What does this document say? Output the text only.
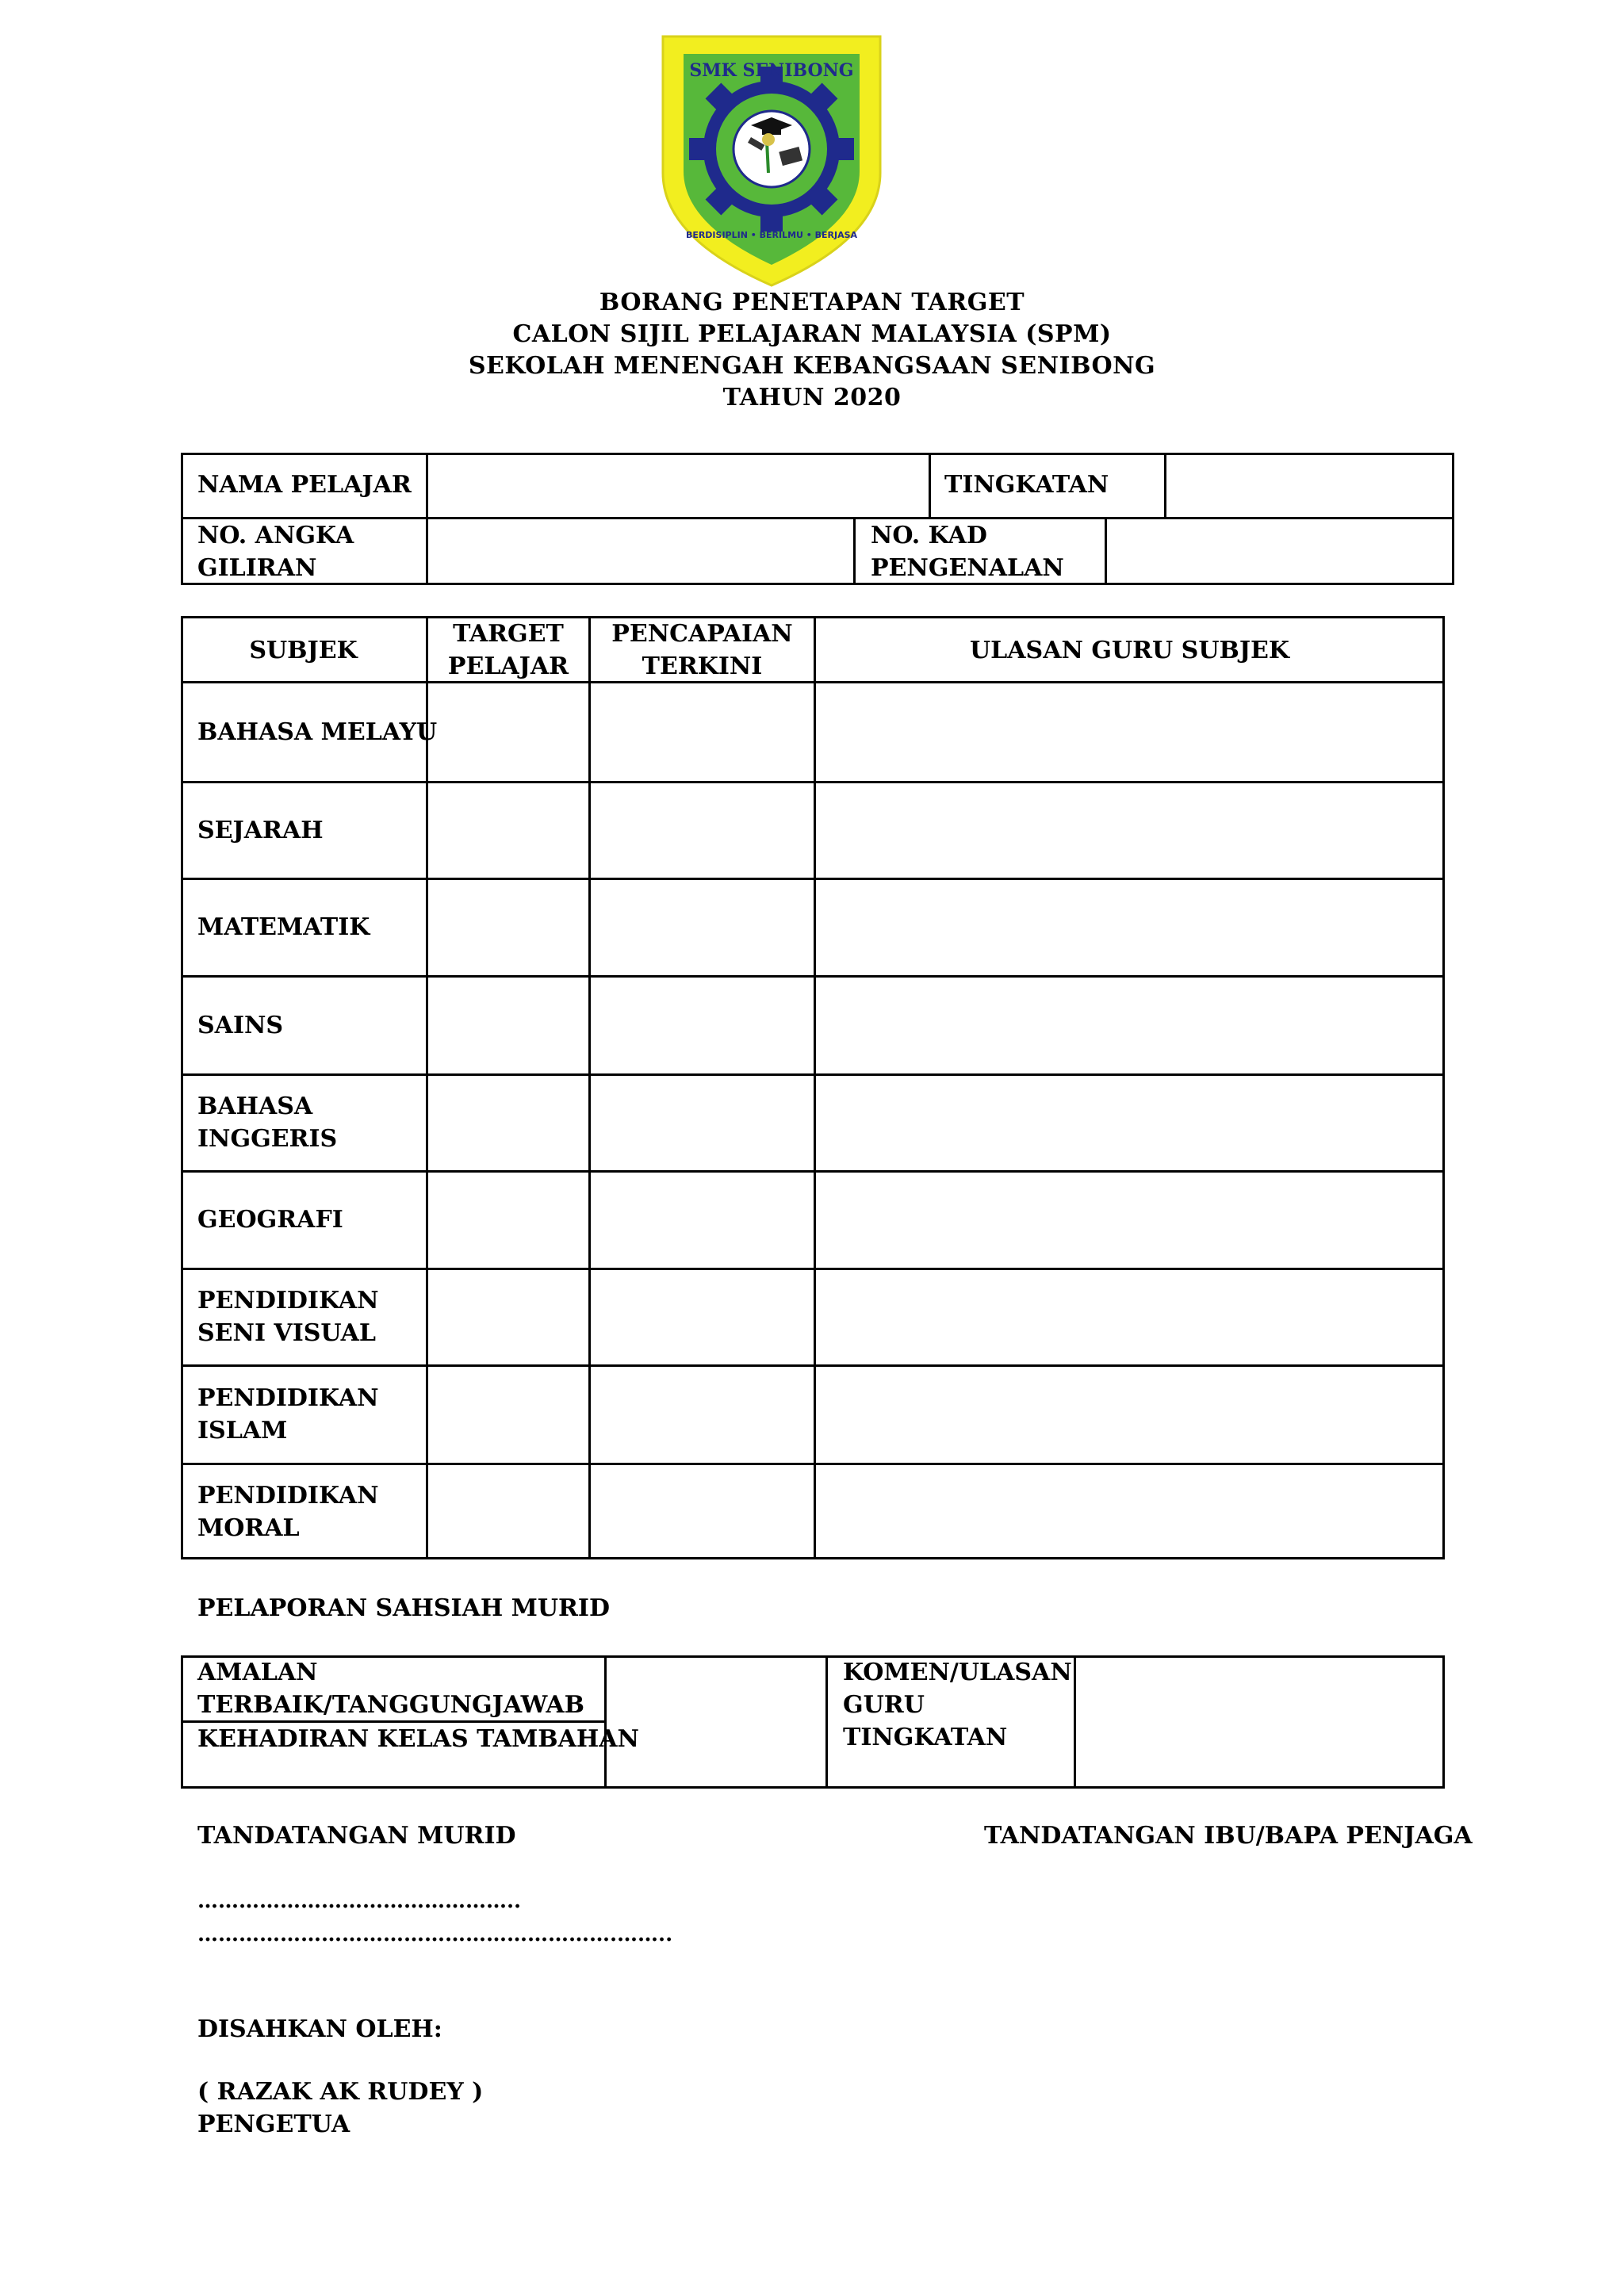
SMK SENIBONG
BERDISIPLIN • BERILMU • BERJASA
BORANG PENETAPAN TARGET
CALON SIJIL PELAJARAN MALAYSIA (SPM)
SEKOLAH MENENGAH KEBANGSAAN SENIBONG
TAHUN 2020
NAMA PELAJAR	TINGKATAN
NO. ANGKA
GILIRAN
NO. KAD
PENGENALAN
SUBJEK
TARGET
PELAJAR
PENCAPAIAN
TERKINI
ULASAN GURU SUBJEK
BAHASA MELAYU
SEJARAH
MATEMATIK
SAINS
BAHASA
INGGERIS
GEOGRAFI
PENDIDIKAN
SENI VISUAL
PENDIDIKAN
ISLAM
PENDIDIKAN
MORAL
PELAPORAN SAHSIAH MURID
AMALAN
TERBAIK/TANGGUNGJAWAB
KEHADIRAN KELAS TAMBAHAN
KOMEN/ULASAN
GURU
TINGKATAN
TANDATANGAN MURID	TANDATANGAN IBU/BAPA PENJAGA
………………………………………..
…………………………………………………….……..
DISAHKAN OLEH:
( RAZAK AK RUDEY )
PENGETUA
